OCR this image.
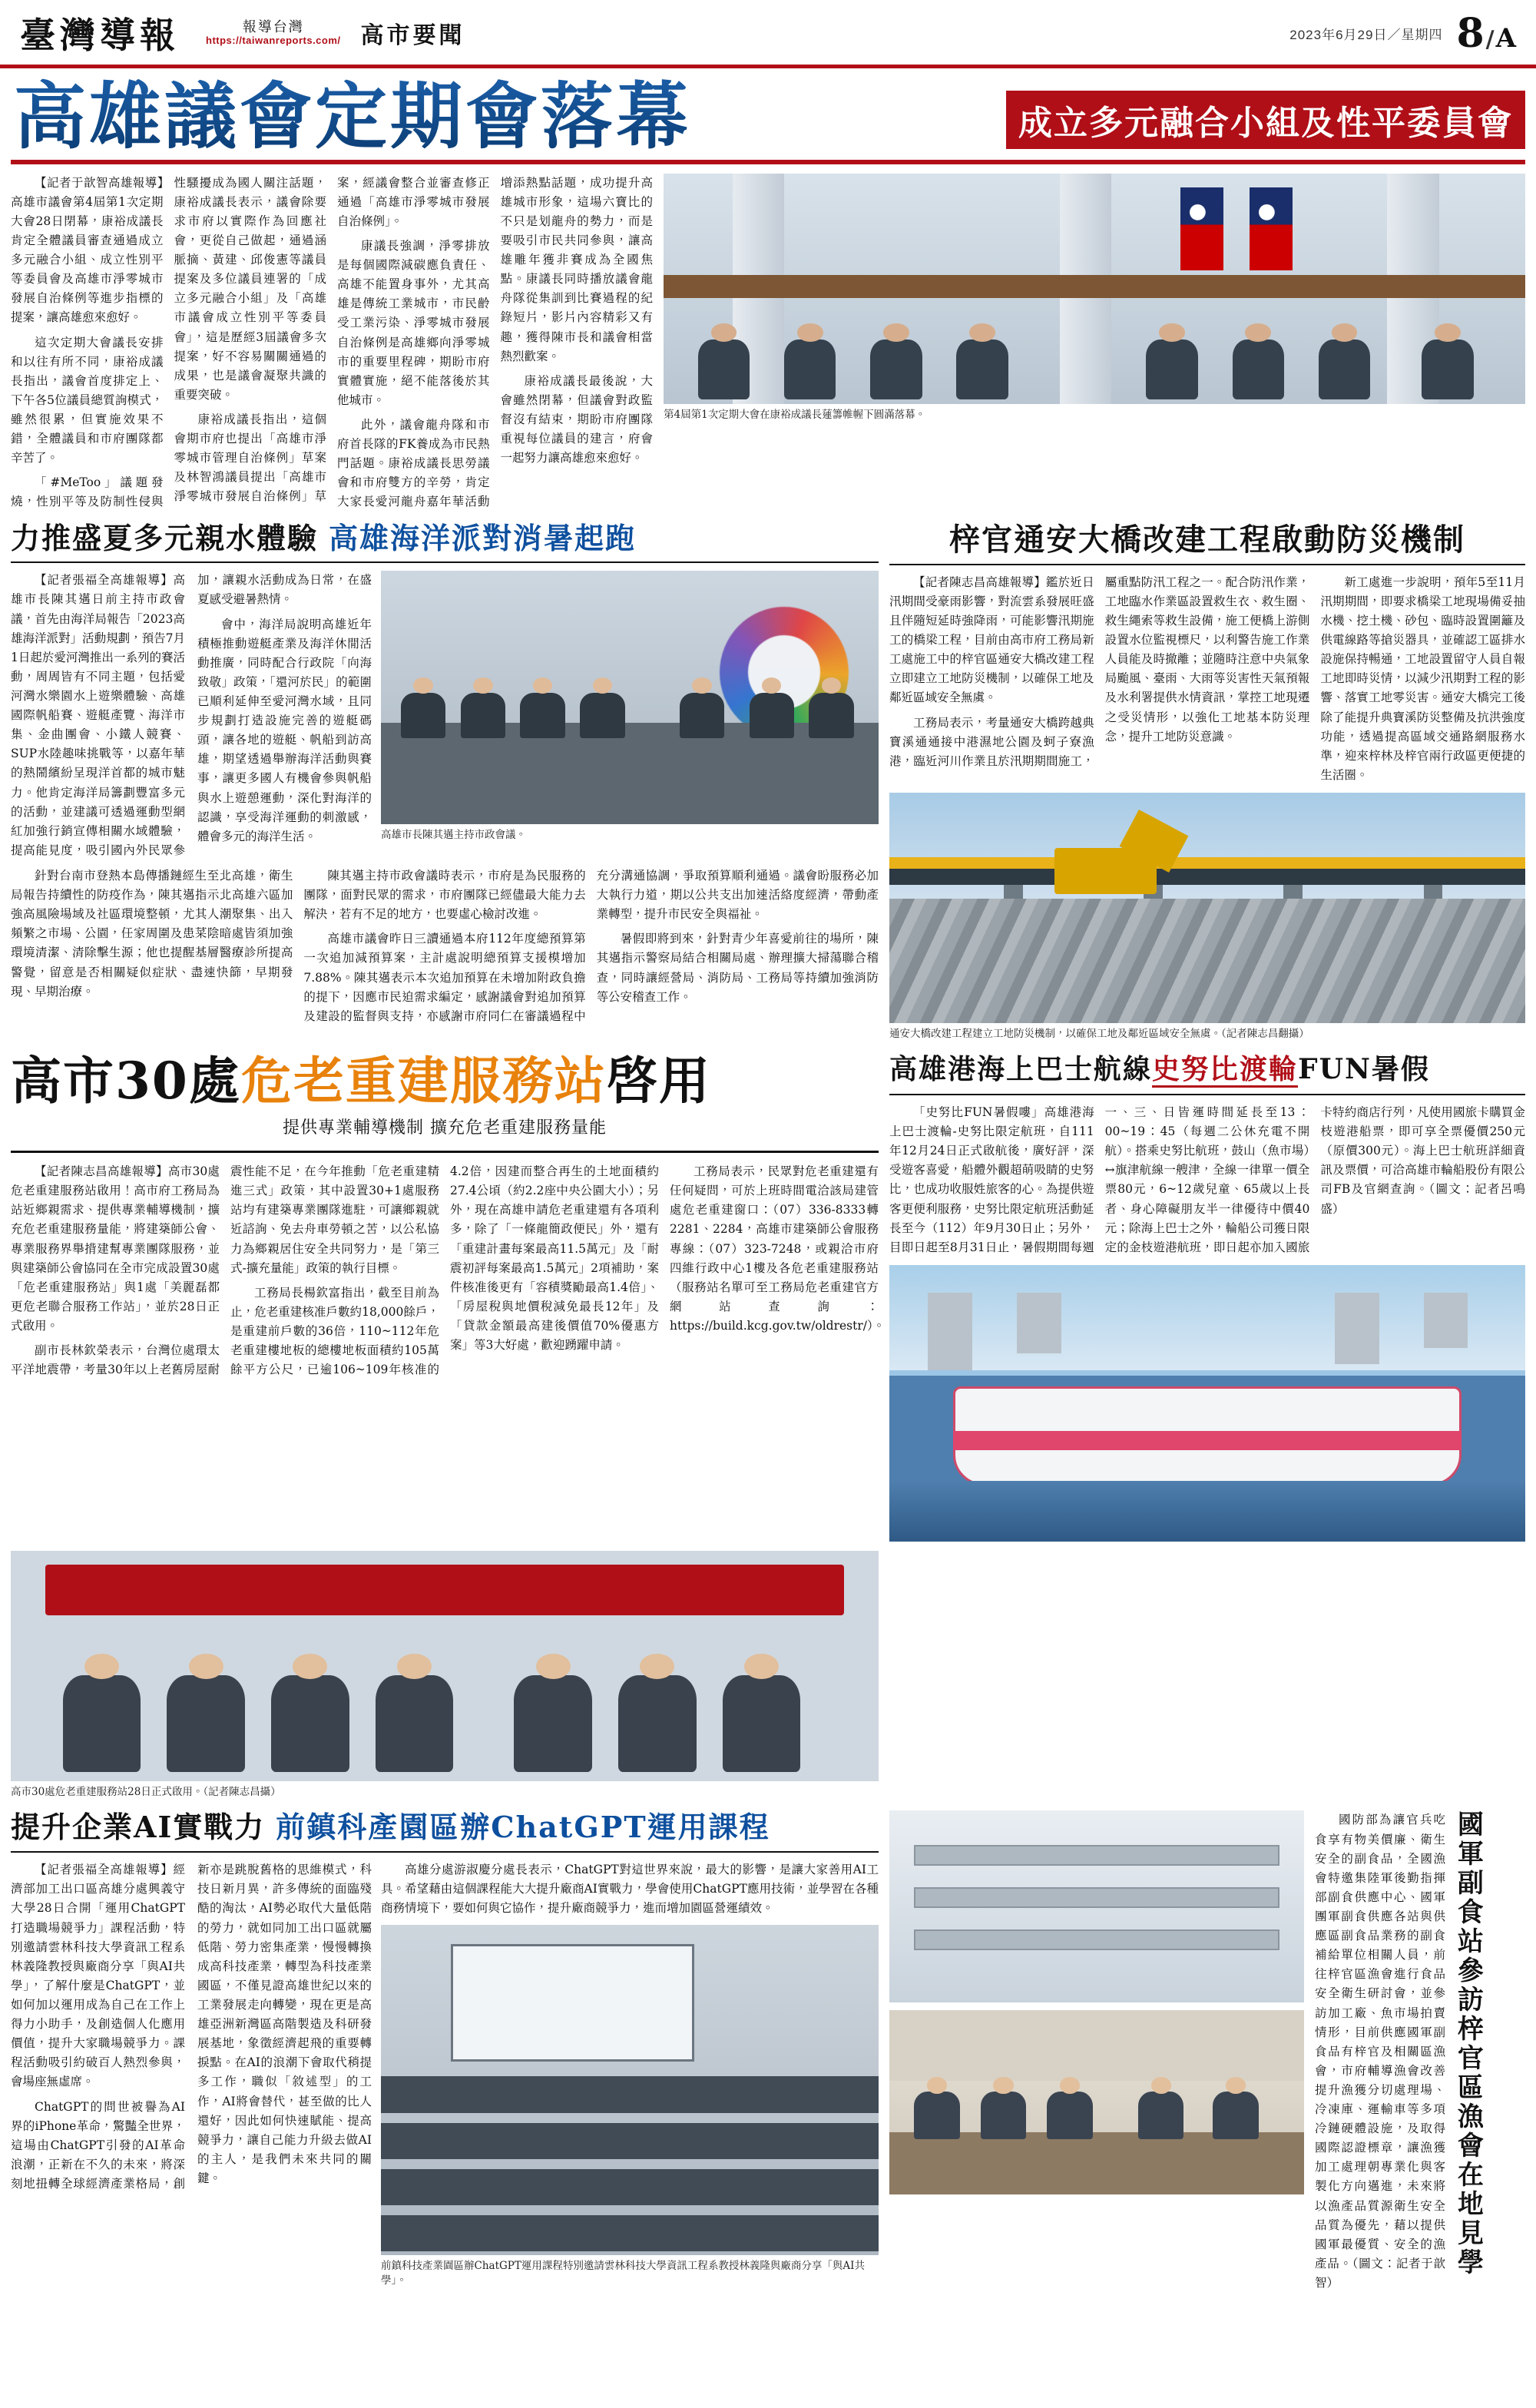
臺灣導報	報導台灣
https://taiwanreports.com/ 高市要聞	2023年6月29日／星期四 8/A
高雄議會定期會落幕	成立多元融合小組及性平委員會

【記者于歆智高雄報導】高雄市議會第4屆第1次定期大會28日閉幕，康裕成議長肯定全體議員審查通過成立多元融合小組、成立性別平等委員會及高雄市淨零城市發展自治條例等進步指標的提案，讓高雄愈來愈好。

這次定期大會議長安排和以往有所不同，康裕成議長指出，議會首度排定上、下午各5位議員總質詢模式，雖然很累，但實施效果不錯，全體議員和市府團隊都辛苦了。

「#MeToo」議題發燒，性別平等及防制性侵與性騷擾成為國人關注話題，康裕成議長表示，議會除要求市府以實際作為回應社會，更從自己做起，通過涵脈摘、黃建、邱俊憲等議員提案及多位議員連署的「成立多元融合小組」及「高雄市議會成立性別平等委員會」，這是歷經3屆議會多次提案，好不容易關關通過的成果，也是議會凝聚共識的重要突破。

康裕成議長指出，這個會期市府也提出「高雄市淨零城市管理自治條例」草案及林智鴻議員提出「高雄市淨零城市發展自治條例」草案，經議會整合並審查修正通過「高雄市淨零城市發展自治條例」。

康議長強調，淨零排放是每個國際減碳應負責任、高雄不能置身事外，尤其高雄是傳統工業城市，市民齡受工業污染、淨零城市發展自治條例是高雄鄉向淨零城市的重要里程碑，期盼市府實體實施，絕不能落後於其他城市。

此外，議會龍舟隊和市府首長隊的FK養成為市民熱門話題。康裕成議長思勞議會和市府雙方的辛勞，肯定大家長愛河龍舟嘉年華活動增添熱點話題，成功提升高雄城市形象，這場六寶比的不只是划龍舟的勢力，而是要吸引市民共同參與，讓高雄雕年獲非賽成為全國焦點。康議長同時播放議會龍舟隊從集訓到比賽過程的紀錄短片，影片內容精彩又有趣，獲得陳市長和議會相當熱烈歡案。

康裕成議長最後說，大會雖然閉幕，但議會對政監督沒有結束，期盼市府團隊重視每位議員的建言，府會一起努力讓高雄愈來愈好。

第4屆第1次定期大會在康裕成議長蓮籌帷幄下圓滿落幕。
力推盛夏多元親水體驗 高雄海洋派對消暑起跑

【記者張福全高雄報導】高雄市長陳其邁日前主持市政會議，首先由海洋局報告「2023高雄海洋派對」活動規劃，預告7月1日起於愛河灣推出一系列的賽活動，周周皆有不同主題，包括愛河灣水樂園水上遊樂體驗、高雄國際帆船賽、遊艇產覽、海洋市集、金曲團會、小鐵人競賽、SUP水陸趣味挑戰等，以嘉年華的熱鬧繽紛呈現洋首都的城市魅力。他肯定海洋局籌劃豐富多元的活動，並建議可透過運動型網紅加強行銷宣傳相關水域體驗，提高能見度，吸引國內外民眾參加，讓親水活動成為日常，在盛夏感受避暑熱情。

會中，海洋局說明高雄近年積極推動遊艇產業及海洋休閒活動推廣，同時配合行政院「向海致敬」政策，「還河於民」的範圍已順利延伸至愛河灣水域，且同步規劃打造設施完善的遊艇碼頭，讓各地的遊艇、帆船到訪高雄，期望透過舉辦海洋活動與賽事，讓更多國人有機會參與帆船與水上遊憩運動，深化對海洋的認識，享受海洋運動的刺激感，體會多元的海洋生活。	高雄市長陳其邁主持市政會議。

針對台南市登熱本島傳播鏈經生至北高雄，衛生局報告持續性的防疫作為，陳其邁指示北高雄六區加強高風險場域及社區環境整頓，尤其人潮聚集、出入頻繁之市場、公園，任家周圍及患菜陰暗處皆須加強環境清潔、清除擊生源；他也提醒基層醫療診所提高警覺，留意是否相關疑似症狀、盡速快篩，早期發現、早期治療。

陳其邁主持市政會議時表示，市府是為民服務的團隊，面對民眾的需求，市府團隊已經儘最大能力去解決，若有不足的地方，也要虛心檢討改進。

高雄市議會昨日三讀通過本府112年度總預算第一次追加減預算案，主計處說明總預算支援模增加7.88%。陳其邁表示本次追加預算在未增加附政負擔的提下，因應市民迫需求編定，感謝議會對追加預算及建設的監督與支持，亦感謝市府同仁在審議過程中充分溝通協調，爭取預算順利通過。議會盼服務必加大執行力道，期以公共支出加速活絡度經濟，帶動產業轉型，提升市民安全與福祉。

暑假即將到來，針對青少年喜愛前往的場所，陳其邁指示警察局結合相關局處、辦理擴大掃蕩聯合稽查，同時讓經營局、消防局、工務局等持續加強消防等公安稽查工作。

梓官通安大橋改建工程啟動防災機制

【記者陳志昌高雄報導】鑑於近日汛期間受豪雨影響，對流雲系發展旺盛且伴隨短延時強降雨，可能影響汛期施工的橋梁工程，目前由高市府工務局新工處施工中的梓官區通安大橋改建工程立即建立工地防災機制，以確保工地及鄰近區域安全無虞。

工務局表示，考量通安大橋跨越典寶溪通通接中港濕地公園及蚵子寮漁港，臨近河川作業且於汛期期間施工，屬重點防汛工程之一。配合防汛作業，工地臨水作業區設置救生衣、救生圈、救生繩索等救生設備，施工便橋上游側設置水位監視標尺，以利警告施工作業人員能及時撤離；並隨時注意中央氣象局颱風、臺雨、大雨等災害性天氣預報及水利署提供水情資訊，掌控工地現遷之受災情形，以強化工地基本防災理念，提升工地防災意識。

新工處進一步說明，預年5至11月汛期期間，即要求橋梁工地現場備妥抽水機、挖土機、砂包、臨時設置圍籬及供電線路等搶災器具，並確認工區排水設施保持暢通，工地設置留守人員自報工地即時災情，以減少汛期對工程的影響、落實工地零災害。通安大橋完工後除了能提升典寶溪防災整備及抗洪強度功能，透過提高區域交通路網服務水準，迎來梓林及梓官兩行政區更便捷的生活圈。

通安大橋改建工程建立工地防災機制，以確保工地及鄰近區域安全無虞。（記者陳志昌翻攝）
高市30處危老重建服務站啓用
提供專業輔導機制 擴充危老重建服務量能

【記者陳志昌高雄報導】高市30處危老重建服務站啟用！高市府工務局為站近鄉親需求、提供專業輔導機制，擴充危老重建服務量能，將建築師公會、專業服務界舉揹建幫專業團隊服務，並與建築師公會協同在全市完成設置30處「危老重建服務站」與1處「美麗磊都更危老聯合服務工作站」，並於28日正式啟用。

副市長林欽榮表示，台灣位處環太平洋地震帶，考量30年以上老舊房屋耐震性能不足，在今年推動「危老重建精進三式」政策，其中設置30+1處服務站均有建築專業團隊進駐，可讓鄉親就近諮詢、免去舟車勞頓之苦，以公私協力為鄉親居住安全共同努力，是「第三式-擴充量能」政策的執行目標。

工務局長楊欽富指出，截至目前為止，危老重建核准戶數約18,000餘戶，是重建前戶數的36倍，110~112年危老重建樓地板的總樓地板面積約105萬餘平方公尺，已逾106~109年核准的4.2倍，因建而整合再生的土地面積約27.4公頃（約2.2座中央公園大小）；另外，現在高雄申請危老重建還有各項利多，除了「一條龍簡政便民」外，還有「重建計畫每案最高11.5萬元」及「耐震初評每案最高1.5萬元」2項補助，案件核准後更有「容積獎勵最高1.4倍」、「房屋稅與地價稅減免最長12年」及「貸款金額最高建後價值70%優惠方案」等3大好處，歡迎踴躍申請。

工務局表示，民眾對危老重建還有任何疑問，可於上班時間電洽該局建管處危老重建窗口：（07）336-8333轉2281、2284，高雄市建築師公會服務專線：（07）323-7248，或親洽市府四維行政中心1樓及各危老重建服務站（服務站名單可至工務局危老重建官方網站查詢：https://build.kcg.gov.tw/oldrestr/）。

高雄港海上巴士航線 史努比渡輪 FUN暑假

「史努比FUN暑假嘍」高雄港海上巴士渡輪-史努比限定航班，自111年12月24日正式啟航後，廣好評，深受遊客喜愛，船體外觀超萌吸睛的史努比，也成功收服姓旅客的心。為提供遊客更便利服務，史努比限定航班活動延長至今（112）年9月30日止；另外，目即日起至8月31日止，暑假期間每週一、三、日皆運時間延長至13：00~19：45（每週二公休充電不開航）。搭乘史努比航班，鼓山（魚市場）↔旗津航線一艘津，全線一律單一價全票80元，6~12歲兒童、65歲以上長者、身心障礙朋友半一律優待中價40元；除海上巴士之外，輪船公司獲日限定的金枝遊港航班，即日起亦加入國旅卡特約商店行列，凡使用國旅卡購買金枝遊港船票，即可享全票優價250元（原價300元）。海上巴士航班詳細資訊及票價，可洽高雄市輪船股份有限公司FB及官網查詢。（圖文：記者呂鳴盛）

高市30處危老重建服務站28日正式啟用。（記者陳志昌攝）
提升企業AI實戰力 前鎮科產園區辦ChatGPT運用課程

【記者張福全高雄報導】經濟部加工出口區高雄分處興義守大學28日合開「運用ChatGPT打造職場競爭力」課程活動，特別邀請雲林科技大學資訊工程系林義隆教授與廠商分享「與AI共學」，了解什麼是ChatGPT，並如何加以運用成為自己在工作上得力小助手，及創造個人化應用價值，提升大家職場競爭力。課程活動吸引約破百人熱烈參與，會場座無虛席。

ChatGPT的問世被譽為AI界的iPhone革命，驚豔全世界，這場由ChatGPT引發的AI革命浪潮，正新在不久的未來，將深刻地扭轉全球經濟產業格局，創新亦是跳脫舊格的思維模式，科技日新月異，許多傳統的面臨殘酷的淘汰，AI勢必取代大量低階的勞力，就如同加工出口區就屬低階、勞力密集產業，慢慢轉換成高科技產業，轉型為科技產業國區，不僅見證高雄世紀以來的工業發展走向轉變，現在更是高雄亞洲新灣區高階製造及科研發展基地，象徵經濟起飛的重要轉捩點。在AI的浪潮下會取代稍提多工作，職似「敘述型」的工作，AI將會替代，甚至做的比人還好，因此如何快速賦能、提高競爭力，讓自己能力升級去做AI的主人，是我們未來共同的關鍵。

高雄分處游淑慶分處長表示，ChatGPT對這世界來說，最大的影響，是讓大家善用AI工具。希望藉由這個課程能大大提升廠商AI實戰力，學會使用ChatGPT應用技術，並學習在各種商務情境下，要如何與它協作，提升廠商競爭力，進而增加園區營運績效。

前鎮科技產業園區辦ChatGPT運用課程特別邀請雲林科技大學資訊工程系教授林義隆與廠商分享「與AI共學」。

國防部為讓官兵吃食享有物美價廉、衛生安全的副食品，全國漁會特邀集陸軍後勤指揮部副食供應中心、國軍團軍副食供應各站與供應區副食品業務的副食補給單位相關人員，前往梓官區漁會進行食品安全衛生研討會，並參訪加工廠、魚市場拍賣情形，目前供應國軍副食品有梓官及相關區漁會，市府輔導漁會改善提升漁獲分切處理場、冷凍庫、運輸車等多項冷鏈硬體設施，及取得國際認證標章，讓漁獲加工處理朝專業化與客製化方向邁進，未來將以漁產品質源衛生安全品質為優先，藉以提供國軍最優質、安全的漁產品。（圖文：記者于歆智）

國軍副食站參訪梓官區漁會在地見學
